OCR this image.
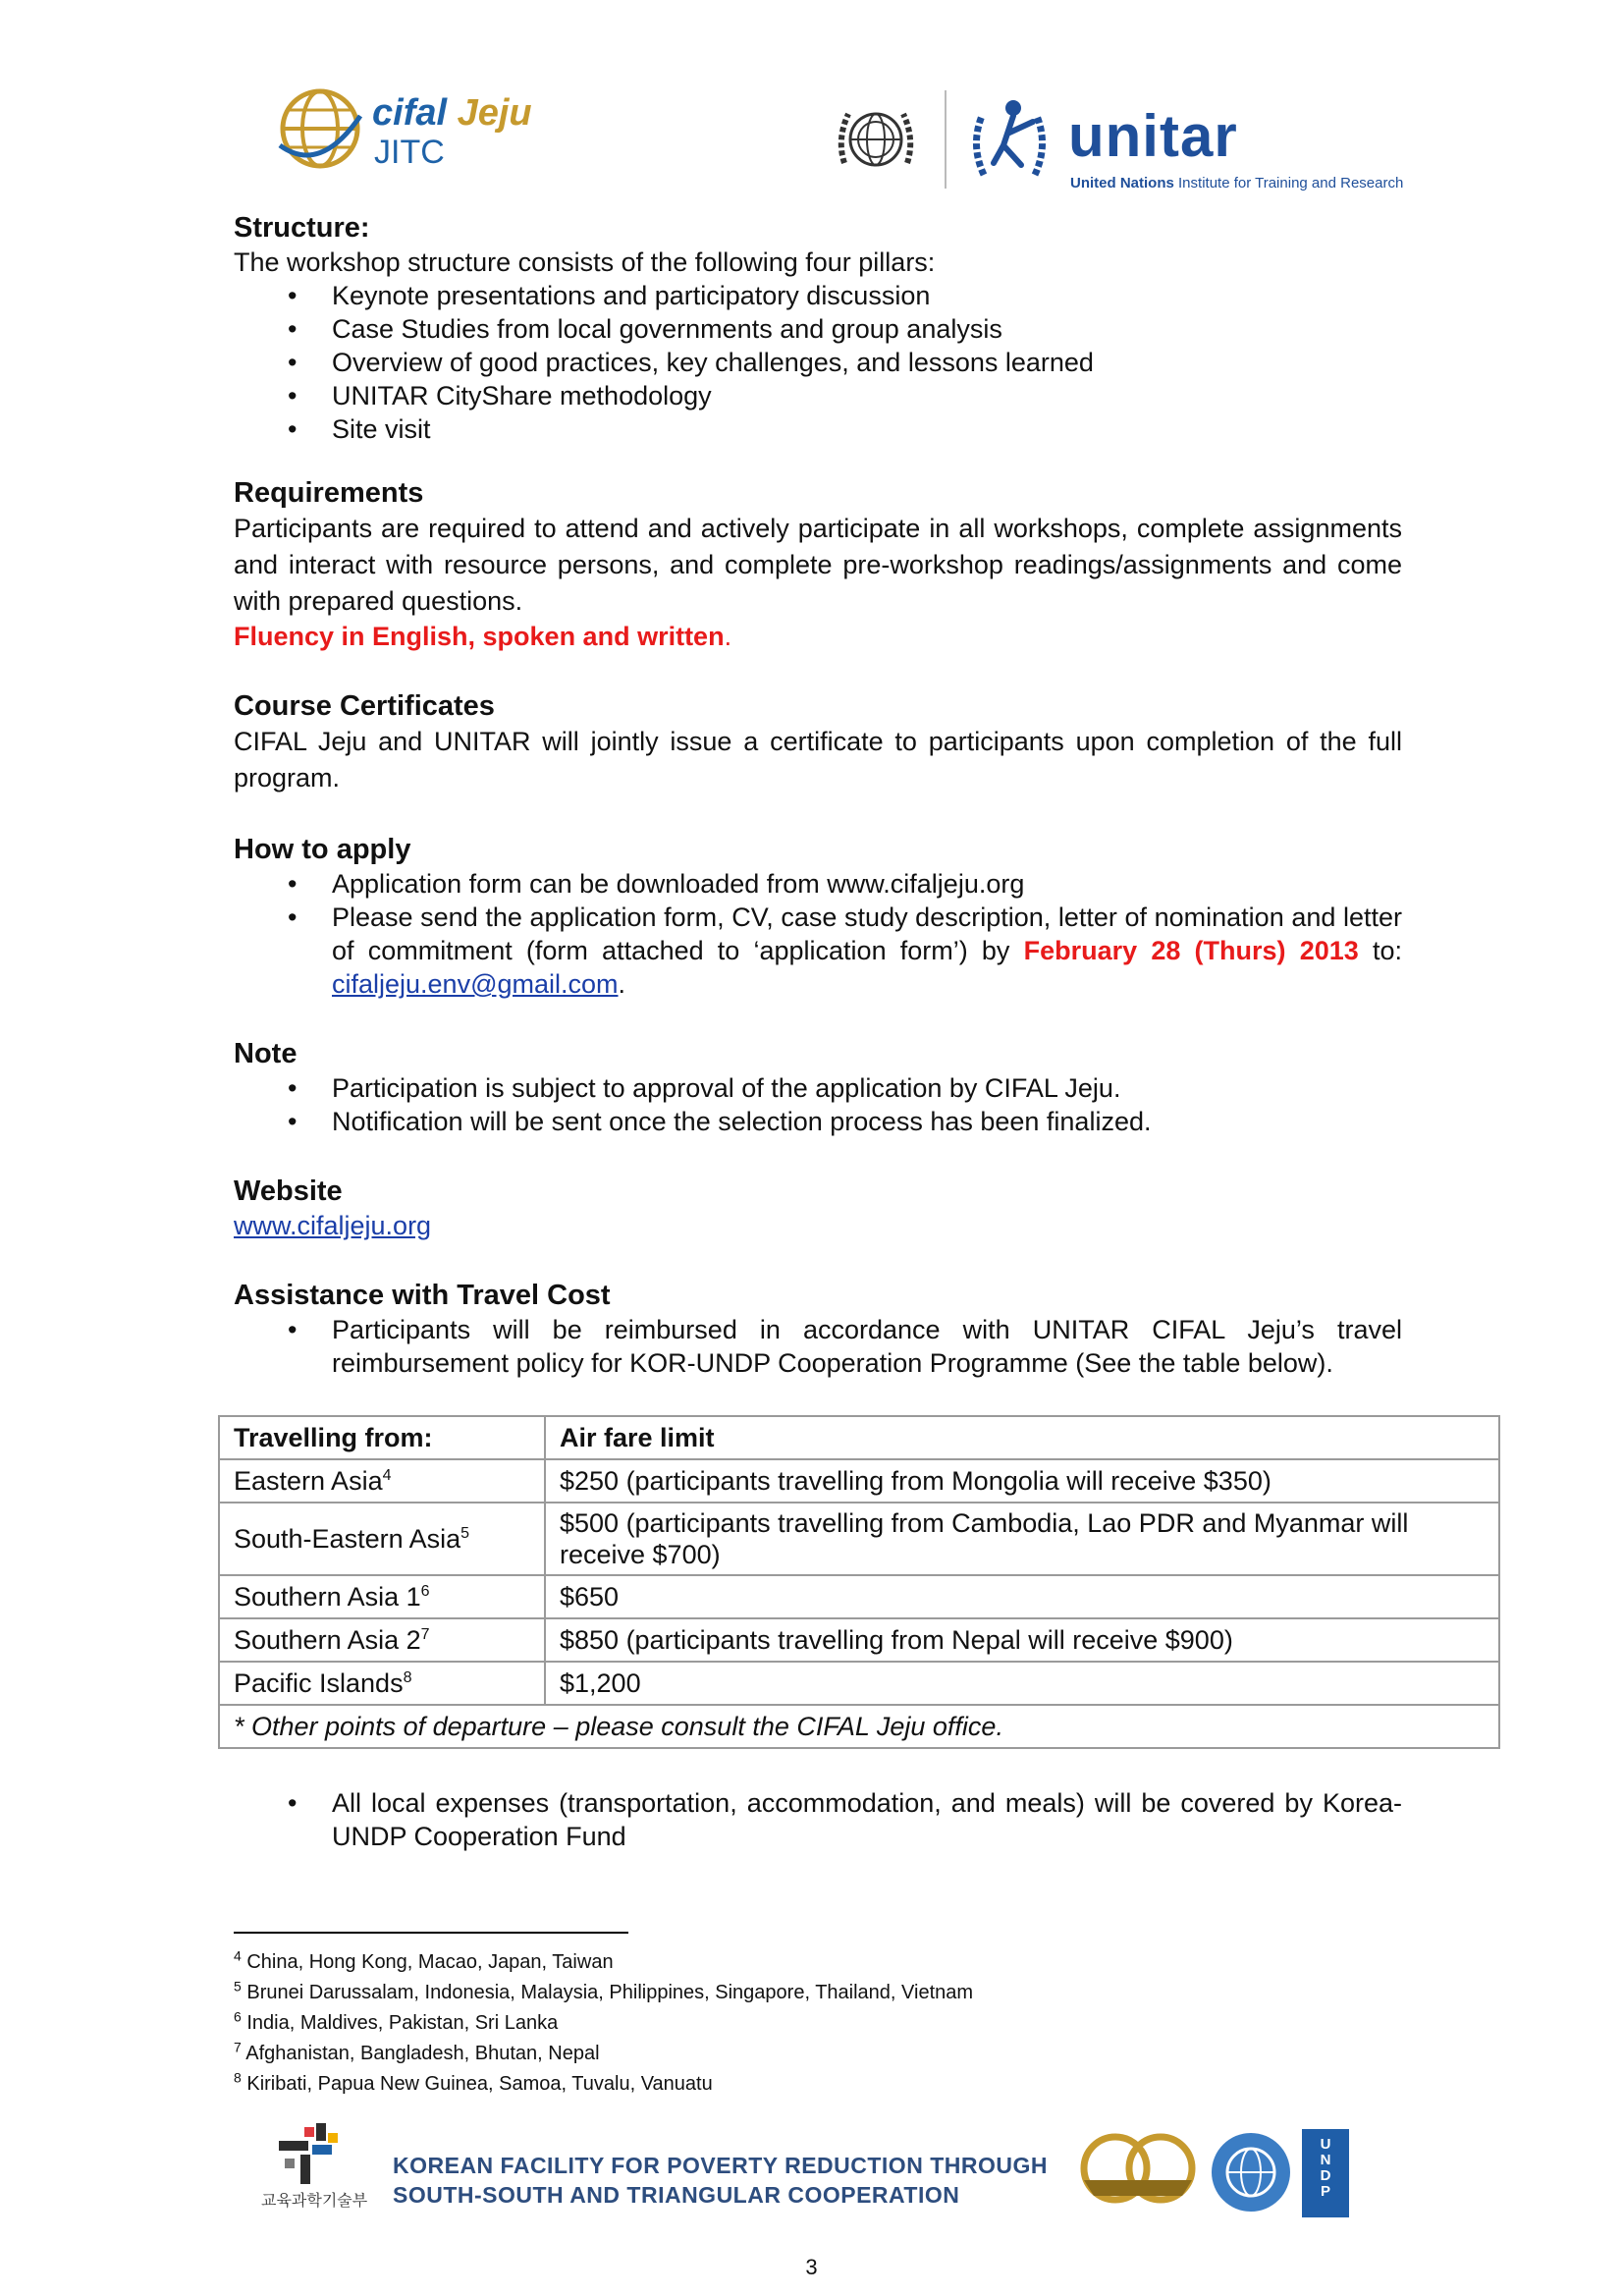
cifal Jeju
JITC	unitar
United Nations Institute for Training and Research
Structure:

The workshop structure consists of the following four pillars:

• Keynote presentations and participatory discussion
• Case Studies from local governments and group analysis
• Overview of good practices, key challenges, and lessons learned
• UNITAR CityShare methodology
• Site visit
Requirements

Participants are required to attend and actively participate in all workshops, complete assignments and interact with resource persons, and complete pre-workshop readings/assignments and come with prepared questions.

Fluency in English, spoken and written.

Course Certificates

CIFAL Jeju and UNITAR will jointly issue a certificate to participants upon completion of the full program.

How to apply
• Application form can be downloaded from www.cifaljeju.org
• Please send the application form, CV, case study description, letter of nomination and letter of commitment (form attached to ‘application form’) by February 28 (Thurs) 2013 to: cifaljeju.env@gmail.com.
Note
• Participation is subject to approval of the application by CIFAL Jeju.
• Notification will be sent once the selection process has been finalized.
Website

www.cifaljeju.org

Assistance with Travel Cost
• Participants will be reimbursed in accordance with UNITAR CIFAL Jeju’s travel reimbursement policy for KOR-UNDP Cooperation Programme (See the table below).
Travelling from:	Air fare limit
Eastern Asia$^4$	$250 (participants travelling from Mongolia will receive $350)
South-Eastern Asia$^5$	$500 (participants travelling from Cambodia, Lao PDR and Myanmar will receive $700)
Southern Asia $1^6$	$650
Southern Asia $2^7$	$850 (participants travelling from Nepal will receive $900)
Pacific Islands$^8$	$1,200
* Other points of departure – please consult the CIFAL Jeju office.	
• All local expenses (transportation, accommodation, and meals) will be covered by Korea-UNDP Cooperation Fund
$^4$ China, Hong Kong, Macao, Japan, Taiwan
$^5$ Brunei Darussalam, Indonesia, Malaysia, Philippines, Singapore, Thailand, Vietnam
$^6$ India, Maldives, Pakistan, Sri Lanka
$^7$ Afghanistan, Bangladesh, Bhutan, Nepal
$^8$ Kiribati, Papua New Guinea, Samoa, Tuvalu, Vanuatu
교육과학기술부
KOREAN FACILITY FOR POVERTY REDUCTION THROUGH
SOUTH-SOUTH AND TRIANGULAR COOPERATION
U
N
D
P
3
